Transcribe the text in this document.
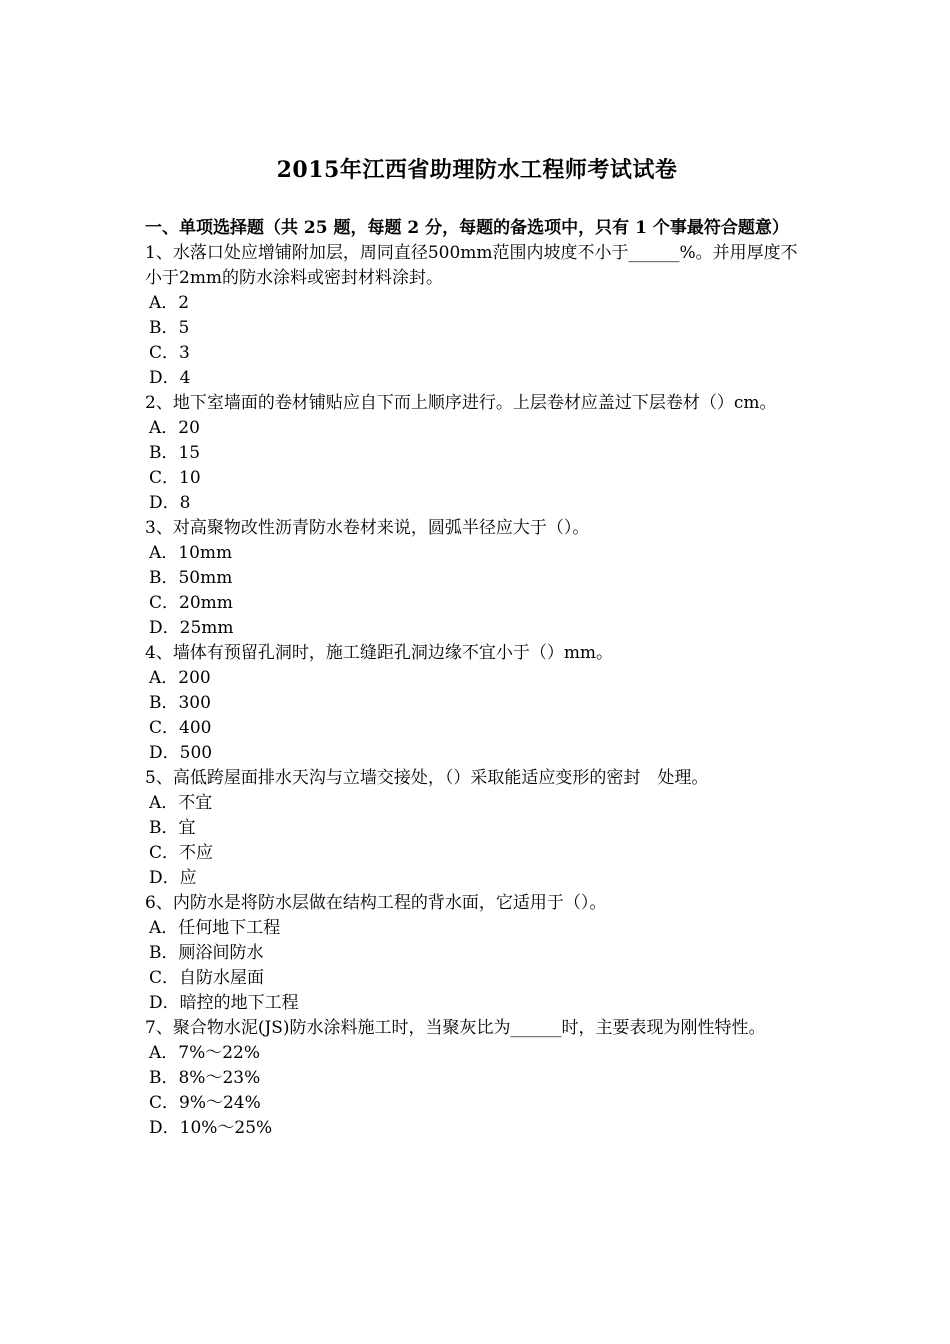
2015年江西省助理防水工程师考试试卷

一、单项选择题（共 25 题，每题 2 分，每题的备选项中，只有 1 个事最符合题意）

1、水落口处应增铺附加层，周同直径500mm范围内坡度不小于______%。并用厚度不小于2mm的防水涂料或密封材料涂封。

A．2

B．5

C．3

D．4

2、地下室墙面的卷材铺贴应自下而上顺序进行。上层卷材应盖过下层卷材（）cm。

A．20

B．15

C．10

D．8

3、对高聚物改性沥青防水卷材来说，圆弧半径应大于（）。

A．10mm

B．50mm

C．20mm

D．25mm

4、墙体有预留孔洞时，施工缝距孔洞边缘不宜小于（）mm。

A．200

B．300

C．400

D．500

5、高低跨屋面排水天沟与立墙交接处，（）采取能适应变形的密封　处理。

A．不宜

B．宜

C．不应

D．应

6、内防水是将防水层做在结构工程的背水面，它适用于（）。

A．任何地下工程

B．厕浴间防水

C．自防水屋面

D．暗控的地下工程

7、聚合物水泥(JS)防水涂料施工时，当聚灰比为______时，主要表现为刚性特性。

A．7%～22%

B．8%～23%

C．9%～24%

D．10%～25%
